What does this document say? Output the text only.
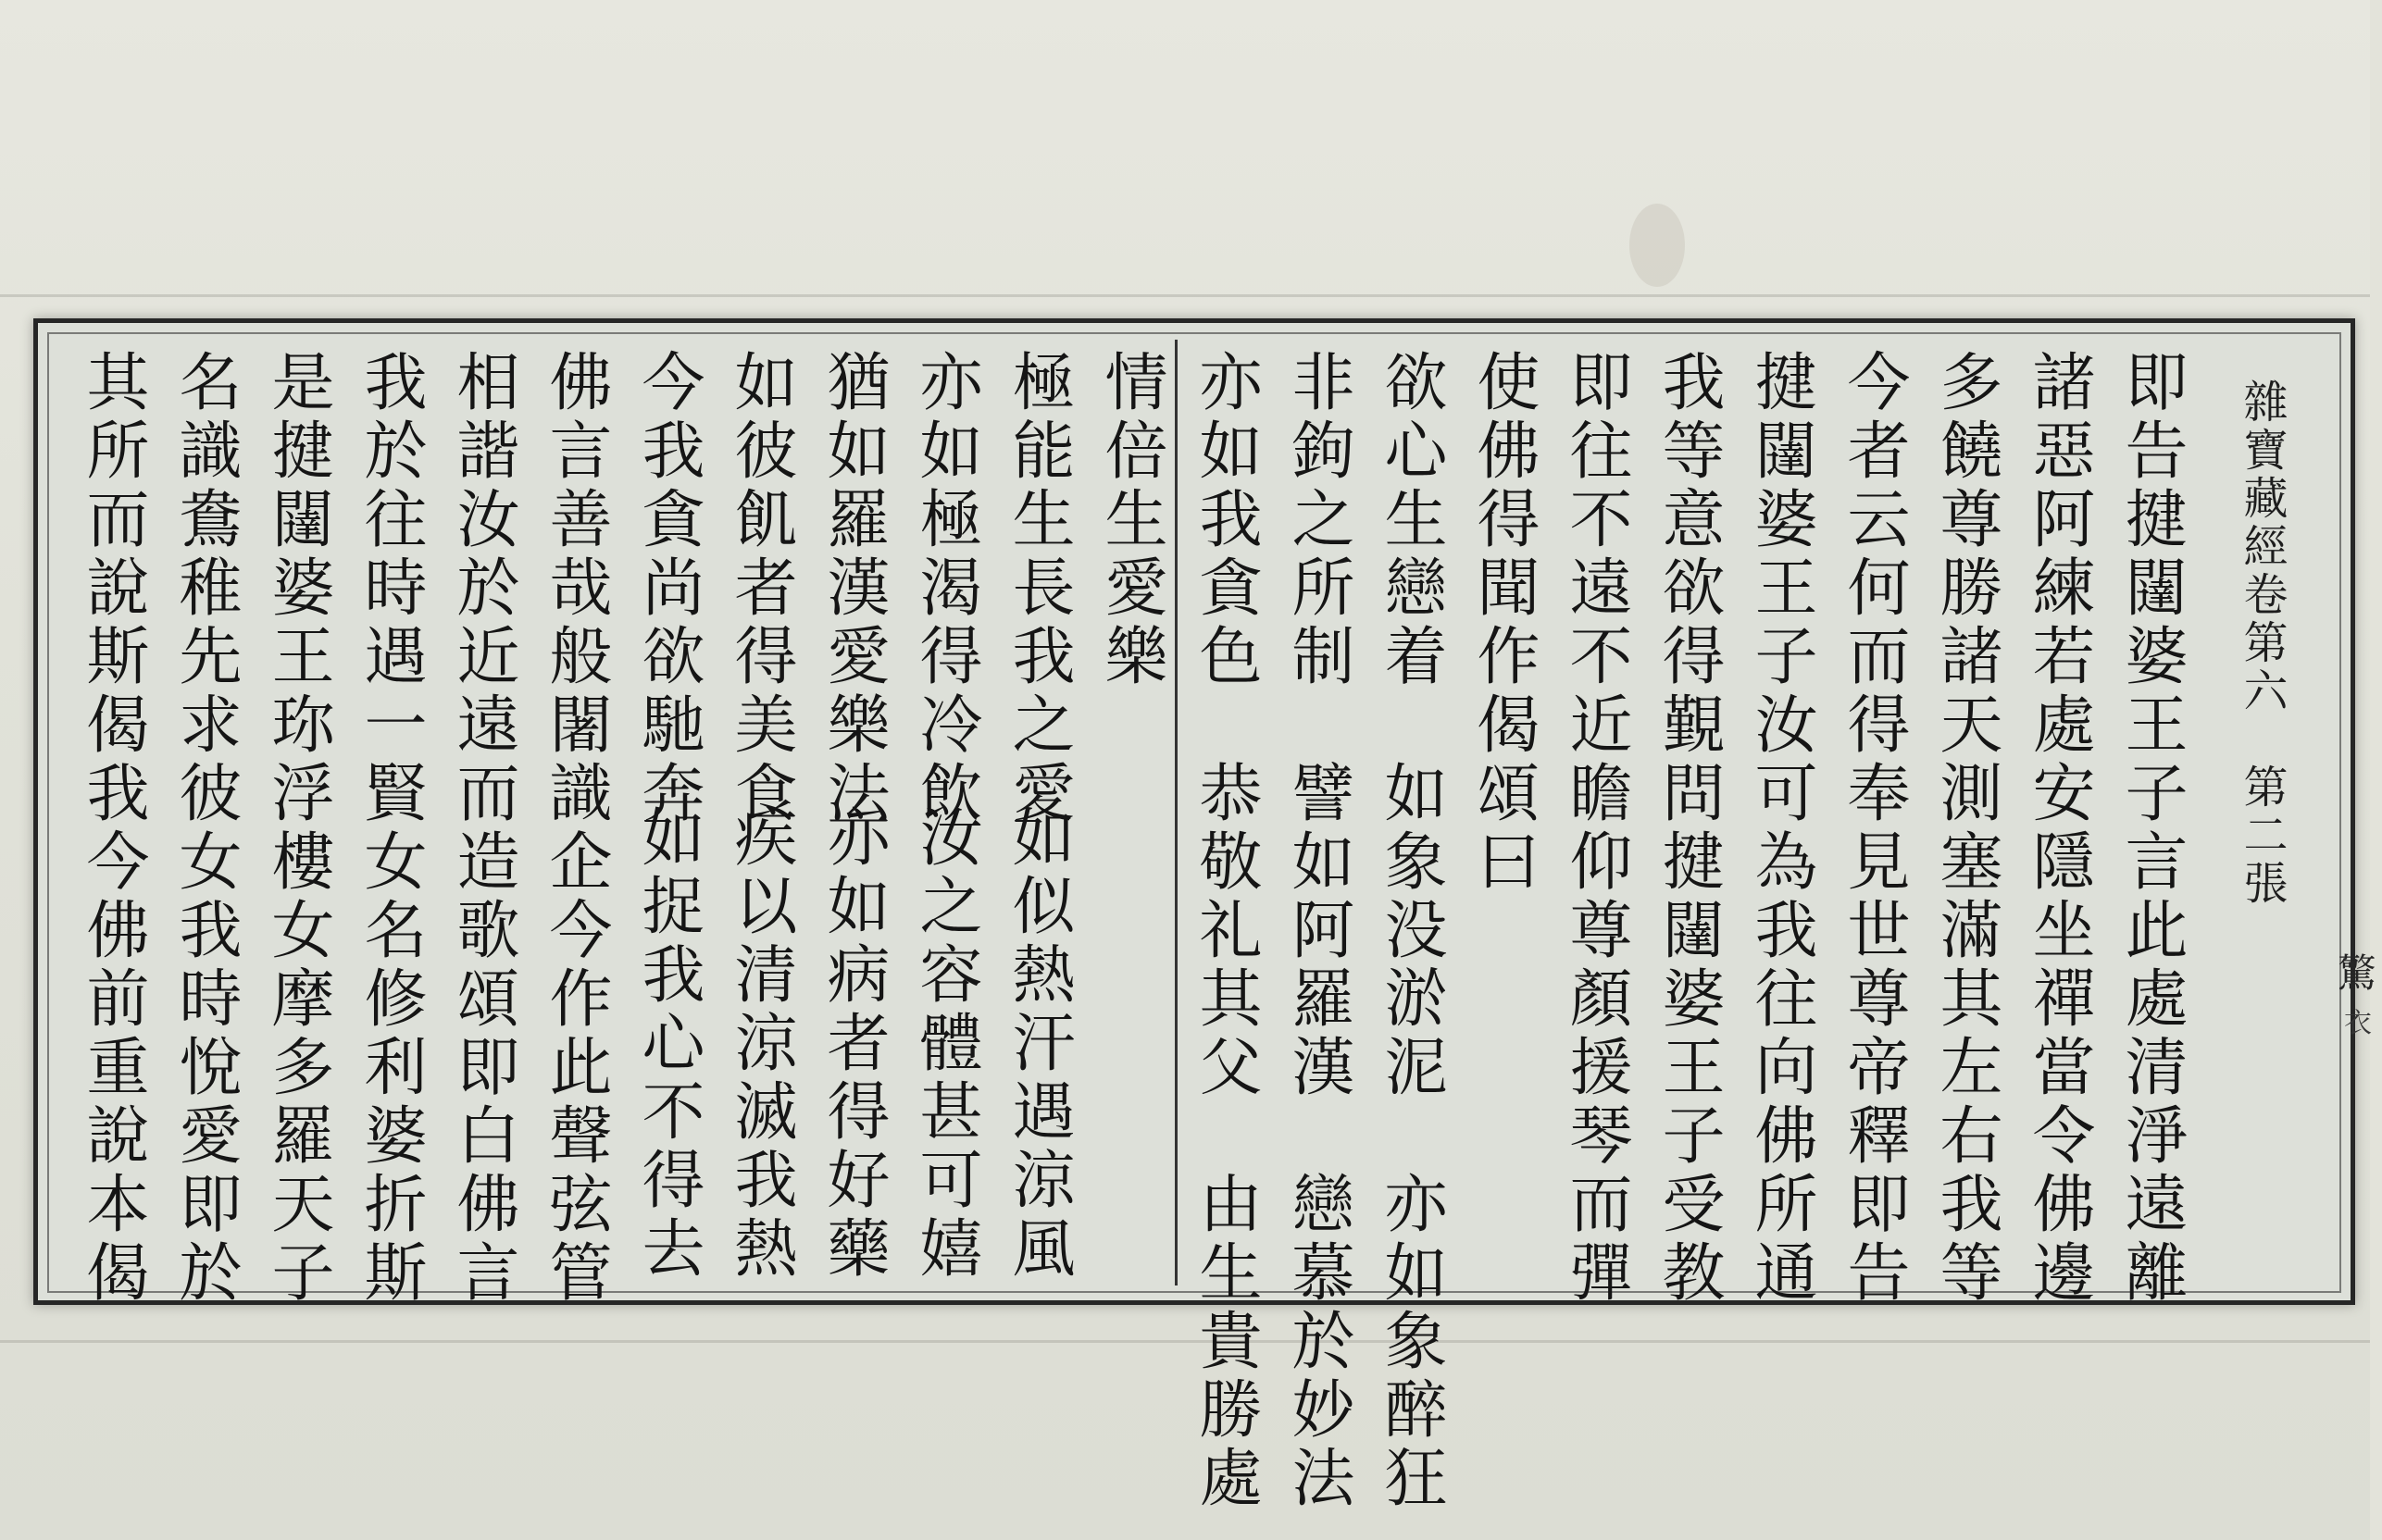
雜寶藏經卷第六　第二張
驚
衣
即告揵闥婆王子言此處清淨遠離
諸惡阿練若處安隱坐禪當令佛邊
多饒尊勝諸天測塞滿其左右我等
今者云何而得奉見世尊帝釋即告
揵闥婆王子汝可為我往向佛所通
我等意欲得覲問揵闥婆王子受教
即往不遠不近瞻仰尊顏援琴而彈
使佛得聞作偈頌曰
欲心生戀着　如象没淤泥　亦如象醉狂
非鉤之所制　譬如阿羅漢　戀慕於妙法
亦如我貪色　恭敬礼其父　由生貴勝處
情倍生愛樂
極能生長我之愛
亦如極渴得冷飲
猶如羅漢愛樂法
如彼飢者得美食
今我貪尚欲馳奔
佛言善哉般闍識企今作此聲弦管
相諧汝於近遠而造歌頌即白佛言
我於往時遇一賢女名修利婆折斯
是揵闥婆王珎浮樓女摩多羅天子
名識鴦稚先求彼女我時悅愛即於
其所而說斯偈我今佛前重說本偈	如似熱汗遇涼風
汝之容體甚可嬉
亦如病者得好藥
疾以清涼滅我熱
如捉我心不得去
